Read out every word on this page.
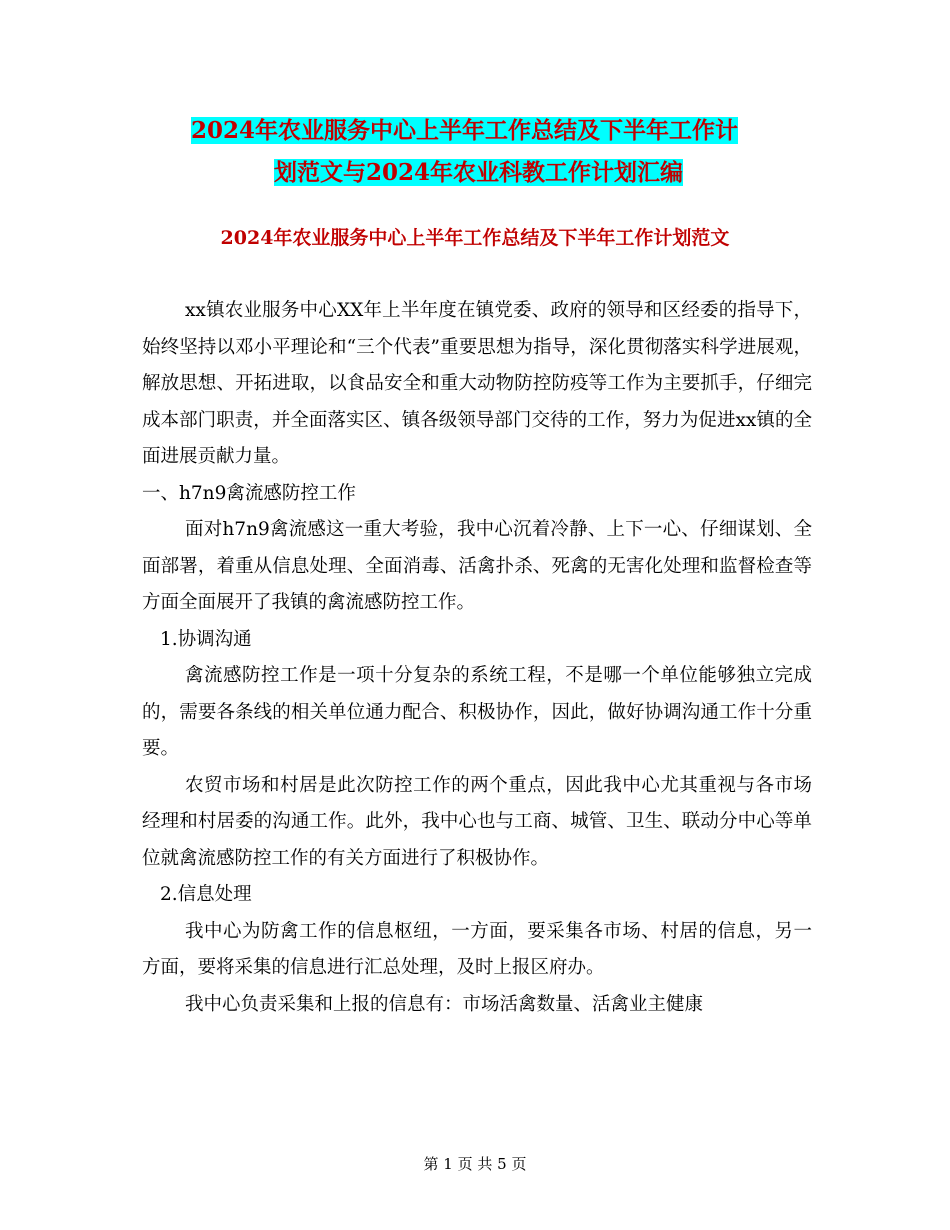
2024年农业服务中心上半年工作总结及下半年工作计
划范文与2024年农业科教工作计划汇编
2024年农业服务中心上半年工作总结及下半年工作计划范文

xx镇农业服务中心XX年上半年度在镇党委、政府的领导和区经委的指导下，始终坚持以邓小平理论和“三个代表”重要思想为指导，深化贯彻落实科学进展观，解放思想、开拓进取，以食品安全和重大动物防控防疫等工作为主要抓手，仔细完成本部门职责，并全面落实区、镇各级领导部门交待的工作，努力为促进xx镇的全面进展贡献力量。

一、h7n9禽流感防控工作

面对h7n9禽流感这一重大考验，我中心沉着冷静、上下一心、仔细谋划、全面部署，着重从信息处理、全面消毒、活禽扑杀、死禽的无害化处理和监督检查等方面全面展开了我镇的禽流感防控工作。

1.协调沟通

禽流感防控工作是一项十分复杂的系统工程，不是哪一个单位能够独立完成的，需要各条线的相关单位通力配合、积极协作，因此，做好协调沟通工作十分重要。

农贸市场和村居是此次防控工作的两个重点，因此我中心尤其重视与各市场经理和村居委的沟通工作。此外，我中心也与工商、城管、卫生、联动分中心等单位就禽流感防控工作的有关方面进行了积极协作。

2.信息处理

我中心为防禽工作的信息枢纽，一方面，要采集各市场、村居的信息，另一方面，要将采集的信息进行汇总处理，及时上报区府办。

我中心负责采集和上报的信息有：市场活禽数量、活禽业主健康

第 1 页 共 5 页
